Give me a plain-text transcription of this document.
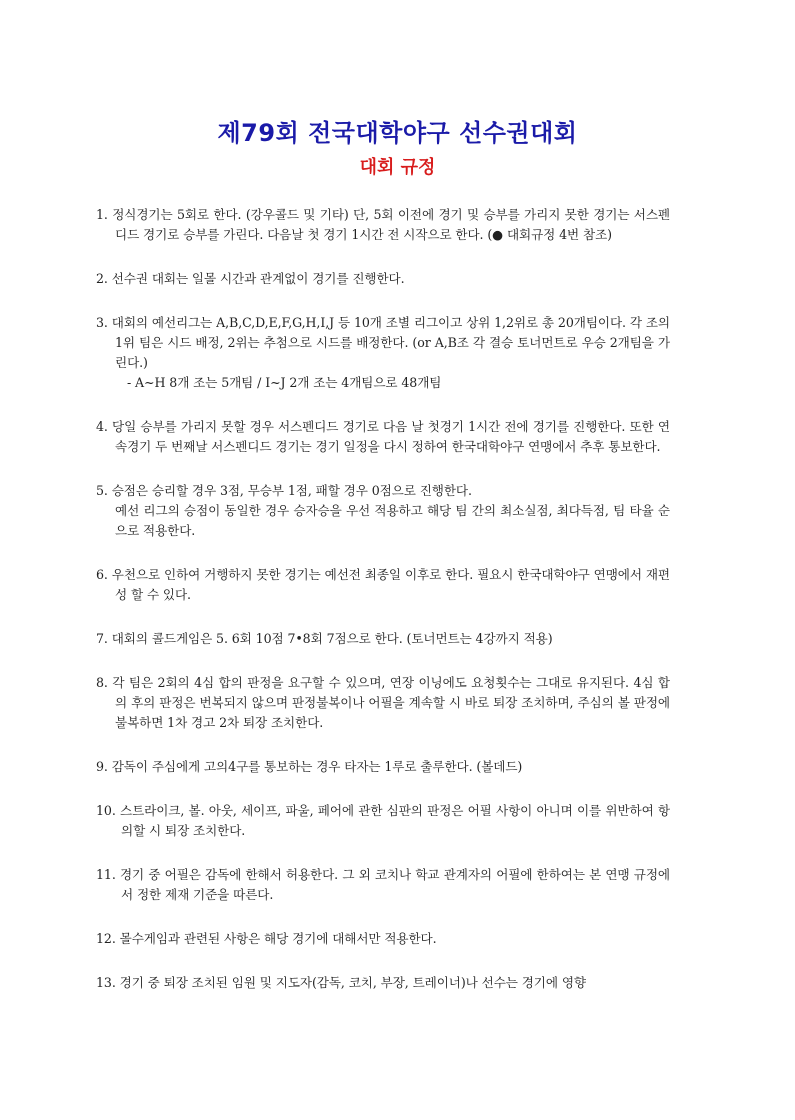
제79회 전국대학야구 선수권대회
대회 규정

1. 정식경기는 5회로 한다. (강우콜드 및 기타) 단, 5회 이전에 경기 및 승부를 가리지 못한 경기는 서스펜디드 경기로 승부를 가린다. 다음날 첫 경기 1시간 전 시작으로 한다. (● 대회규정 4번 참조)

2. 선수권 대회는 일몰 시간과 관계없이 경기를 진행한다.

3. 대회의 예선리그는 A,B,C,D,E,F,G,H,I,J 등 10개 조별 리그이고 상위 1,2위로 총 20개팀이다. 각 조의 1위 팀은 시드 배정, 2위는 추첨으로 시드를 배정한다. (or A,B조 각 결승 토너먼트로 우승 2개팀을 가린다.)
- A~H 8개 조는 5개팀 / I~J 2개 조는 4개팀으로 48개팀

4. 당일 승부를 가리지 못할 경우 서스펜디드 경기로 다음 날 첫경기 1시간 전에 경기를 진행한다. 또한 연속경기 두 번째날 서스펜디드 경기는 경기 일정을 다시 정하여 한국대학야구 연맹에서 추후 통보한다.

5. 승점은 승리할 경우 3점, 무승부 1점, 패할 경우 0점으로 진행한다.
예선 리그의 승점이 동일한 경우 승자승을 우선 적용하고 해당 팀 간의 최소실점, 최다득점, 팀 타율 순으로 적용한다.

6. 우천으로 인하여 거행하지 못한 경기는 예선전 최종일 이후로 한다. 필요시 한국대학야구 연맹에서 재편성 할 수 있다.

7. 대회의 콜드게임은 5. 6회 10점 7•8회 7점으로 한다. (토너먼트는 4강까지 적용)

8. 각 팀은 2회의 4심 합의 판정을 요구할 수 있으며, 연장 이닝에도 요청횟수는 그대로 유지된다. 4심 합의 후의 판정은 번복되지 않으며 판정불복이나 어필을 계속할 시 바로 퇴장 조치하며, 주심의 볼 판정에 불복하면 1차 경고 2차 퇴장 조치한다.

9. 감독이 주심에게 고의4구를 통보하는 경우 타자는 1루로 출루한다. (볼데드)

10. 스트라이크, 볼. 아웃, 세이프, 파울, 페어에 관한 심판의 판정은 어필 사항이 아니며 이를 위반하여 항의할 시 퇴장 조치한다.

11. 경기 중 어필은 감독에 한해서 허용한다. 그 외 코치나 학교 관계자의 어필에 한하여는 본 연맹 규정에서 정한 제재 기준을 따른다.

12. 몰수게임과 관련된 사항은 해당 경기에 대해서만 적용한다.

13. 경기 중 퇴장 조치된 임원 및 지도자(감독, 코치, 부장, 트레이너)나 선수는 경기에 영향
